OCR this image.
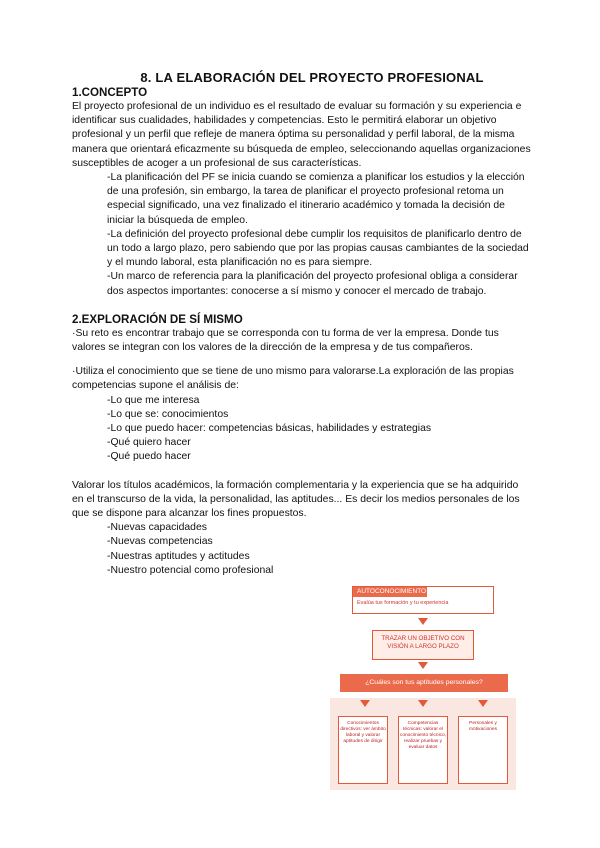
8. LA ELABORACIÓN DEL PROYECTO PROFESIONAL
1.CONCEPTO

El proyecto profesional de un individuo es el resultado de evaluar su formación y su experiencia e identificar sus cualidades, habilidades y competencias. Esto le permitirá elaborar un objetivo profesional y un perfil que refleje de manera óptima su personalidad y perfil laboral, de la misma manera que orientará eficazmente su búsqueda de empleo, seleccionando aquellas organizaciones susceptibles de acoger a un profesional de sus características.

-La planificación del PF se inicia cuando se comienza a planificar los estudios y la elección de una profesión, sin embargo, la tarea de planificar el proyecto profesional retoma un especial significado, una vez finalizado el itinerario académico y tomada la decisión de iniciar la búsqueda de empleo.

-La definición del proyecto profesional debe cumplir los requisitos de planificarlo dentro de un todo a largo plazo, pero sabiendo que por las propias causas cambiantes de la sociedad y el mundo laboral, esta planificación no es para siempre.

-Un marco de referencia para la planificación del proyecto profesional obliga a considerar dos aspectos importantes: conocerse a sí mismo y conocer el mercado de trabajo.

2.EXPLORACIÓN DE SÍ MISMO

·Su reto es encontrar trabajo que se corresponda con tu forma de ver la empresa. Donde tus valores se integran con los valores de la dirección de la empresa y de tus compañeros.

·Utiliza el conocimiento que se tiene de uno mismo para valorarse.La exploración de las propias competencias supone el análisis de:

-Lo que me interesa
-Lo que se: conocimientos
-Lo que puedo hacer: competencias básicas, habilidades y estrategias
-Qué quiero hacer
-Qué puedo hacer

Valorar los títulos académicos, la formación complementaria y la experiencia que se ha adquirido en el transcurso de la vida, la personalidad, las aptitudes... Es decir los medios personales de los que se dispone para alcanzar los fines propuestos.

-Nuevas capacidades
-Nuevas competencias
-Nuestras aptitudes y actitudes
-Nuestro potencial como profesional
AUTOCONOCIMIENTO
Evalúa tus formación y tu experiencia
TRAZAR UN OBJETIVO CON VISIÓN A LARGO PLAZO
¿Cuáles son tus aptitudes personales?
Conocimientos directivos: ver ámbito laboral y valorar aptitudes de dirigir
Competencias técnicas: valorar el conocimiento técnico, realizar pruebas y evaluar datos
Personales y motivaciones
